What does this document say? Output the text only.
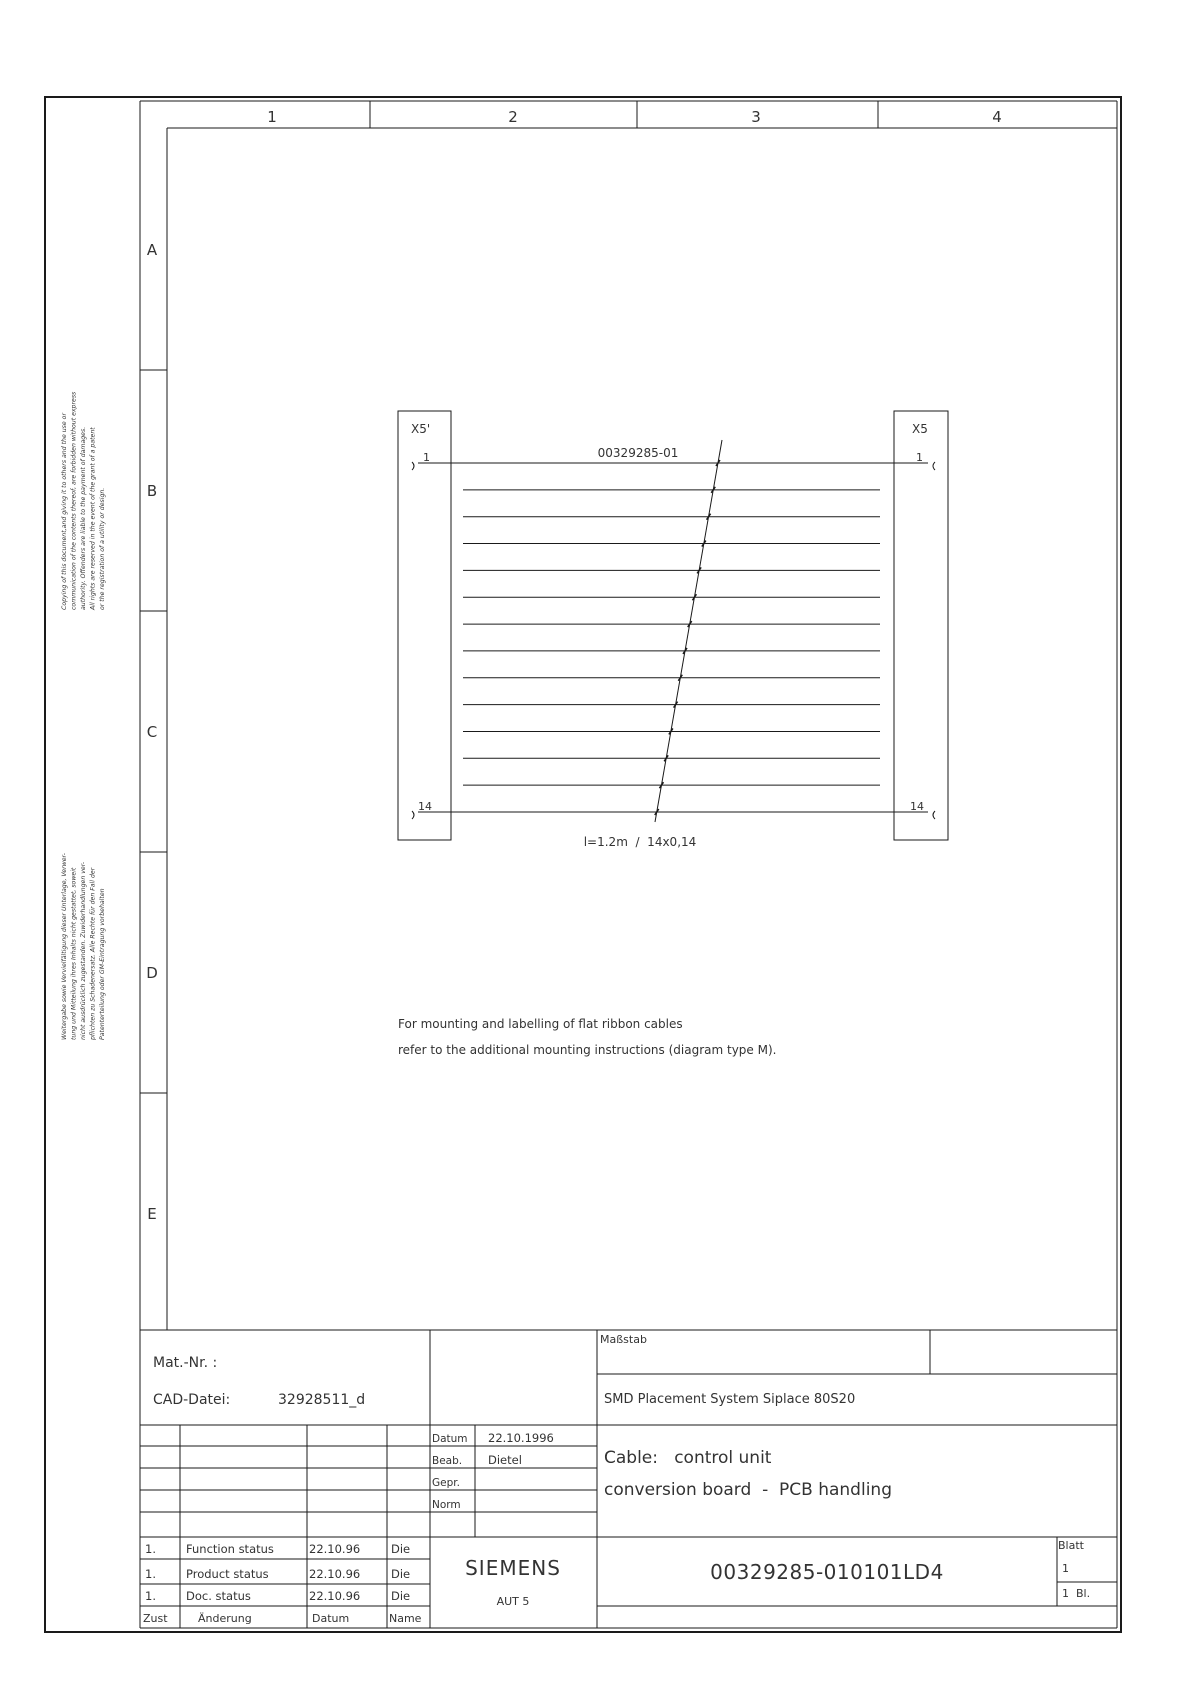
Copying of this document,and giving it to others and the use or communication of the contents thereof, are forbidden without express authority. Offenders are liable to the payment of damages. All rights are reserved in the event of the grant of a patent or the registration of a utility or design.
Weitergabe sowie Vervielfältigung dieser Unterlage, Verwer- tung und Mitteilung ihres Inhalts nicht gestattet, soweit nicht ausdrücklich zugestanden. Zuwiderhandlungen ver- pflichten zu Schadenersatz. Alle Rechte für den Fall der Patenterteilung oder GM-Eintragung vorbehalten
1	2	3	4
A
B
C
D
E
X5'
1
14
X5
1
14
00329285-01
l=1.2m  /  14x0,14
For mounting and labelling of flat ribbon cables
refer to the additional mounting instructions (diagram type M).
Mat.-Nr. :
CAD-Datei:	32928511_d
Maßstab
SMD Placement System Siplace 80S20
Datum 22.10.1996
Beab. Dietel
Gepr.
Norm
Cable:   control unit
conversion board  -  PCB handling
1.	Function status	22.10.96	Die
1.	Product status	22.10.96	Die
1.	Doc. status	22.10.96	Die
Zust	Änderung	Datum	Name
SIEMENS
AUT 5
00329285-010101LD4
Blatt
1
1  Bl.
